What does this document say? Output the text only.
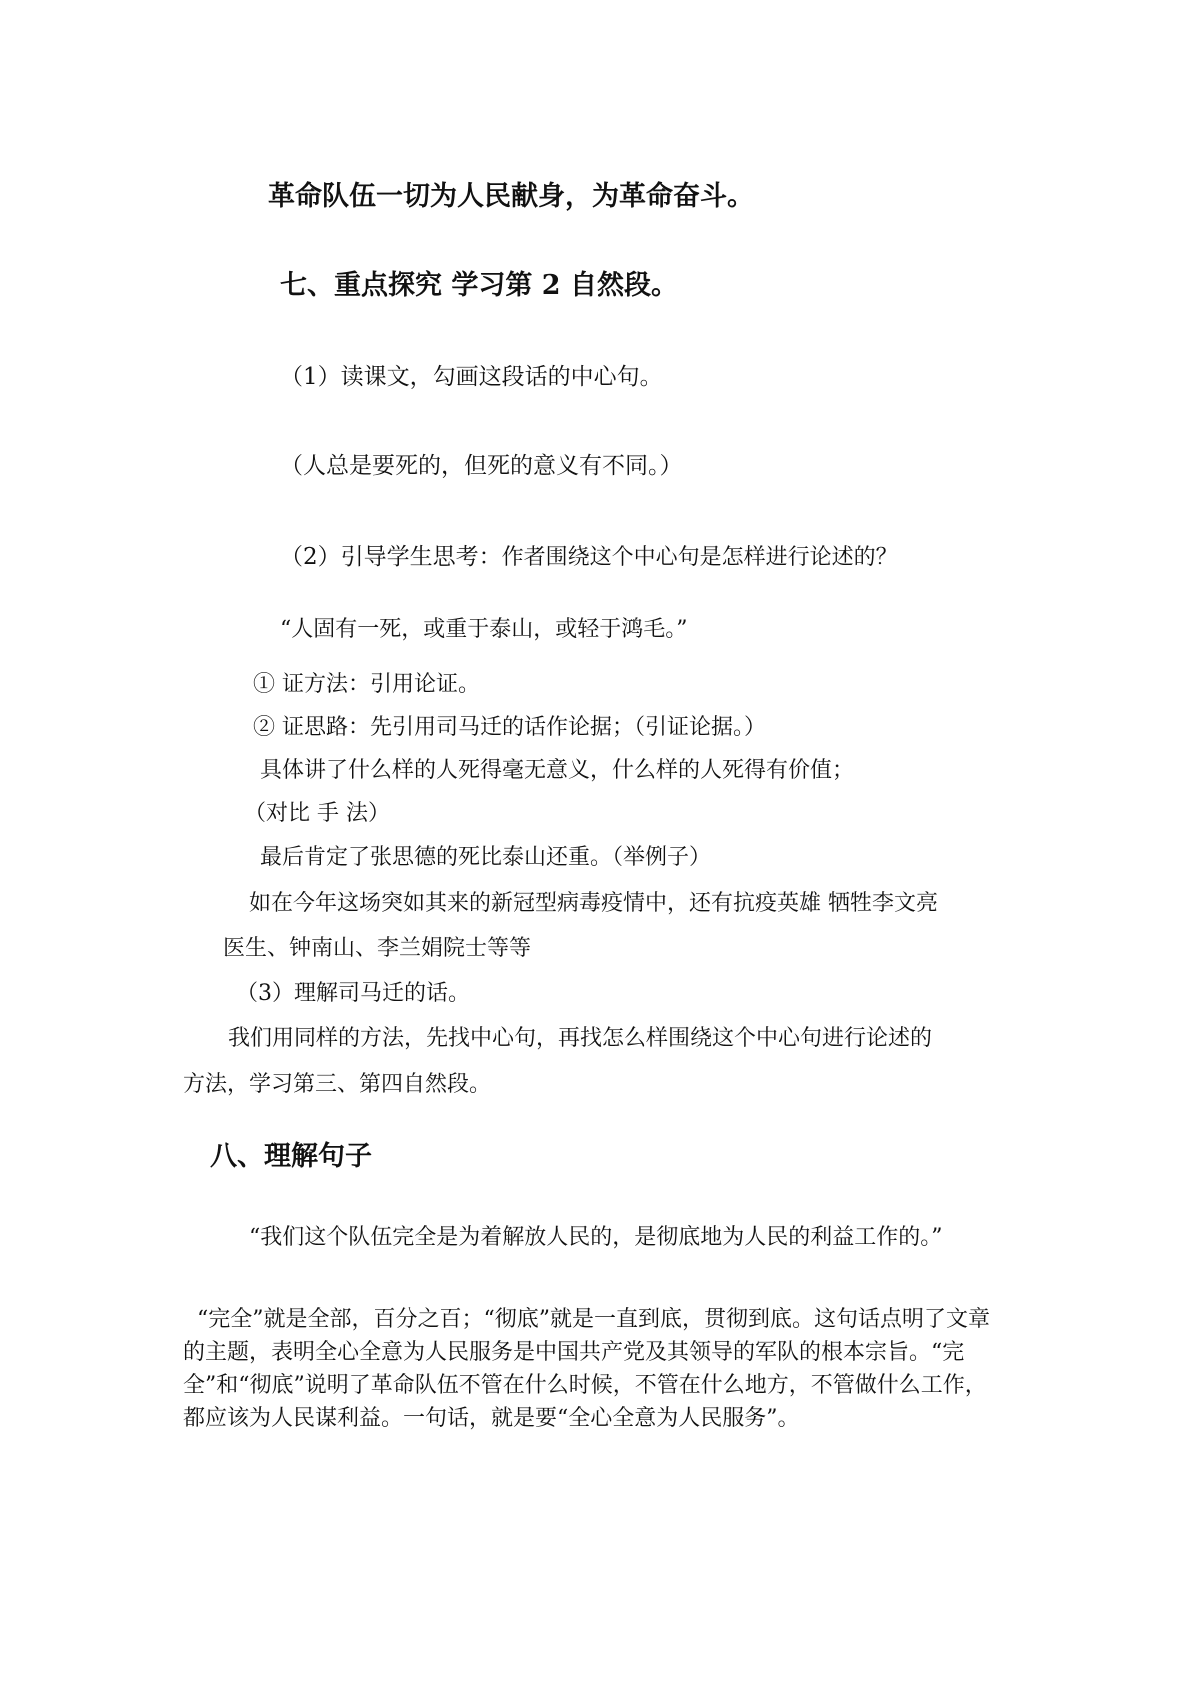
革命队伍一切为人民献身，为革命奋斗。

七、重点探究 学习第 2 自然段。

（1）读课文，勾画这段话的中心句。

（人总是要死的，但死的意义有不同。）

（2）引导学生思考：作者围绕这个中心句是怎样进行论述的？

“人固有一死，或重于泰山，或轻于鸿毛。”

① 证方法：引用论证。

② 证思路：先引用司马迁的话作论据；（引证论据。）

具体讲了什么样的人死得毫无意义，什么样的人死得有价值；

（对比 手 法）

最后肯定了张思德的死比泰山还重。（举例子）

如在今年这场突如其来的新冠型病毒疫情中，还有抗疫英雄 牺牲李文亮

医生、钟南山、李兰娟院士等等

（3）理解司马迁的话。

我们用同样的方法，先找中心句，再找怎么样围绕这个中心句进行论述的

方法，学习第三、第四自然段。

八、理解句子

“我们这个队伍完全是为着解放人民的，是彻底地为人民的利益工作的。”

“完全”就是全部，百分之百；“彻底”就是一直到底，贯彻到底。这句话点明了文章的主题，表明全心全意为人民服务是中国共产党及其领导的军队的根本宗旨。“完全”和“彻底”说明了革命队伍不管在什么时候，不管在什么地方，不管做什么工作，都应该为人民谋利益。一句话，就是要“全心全意为人民服务”。
